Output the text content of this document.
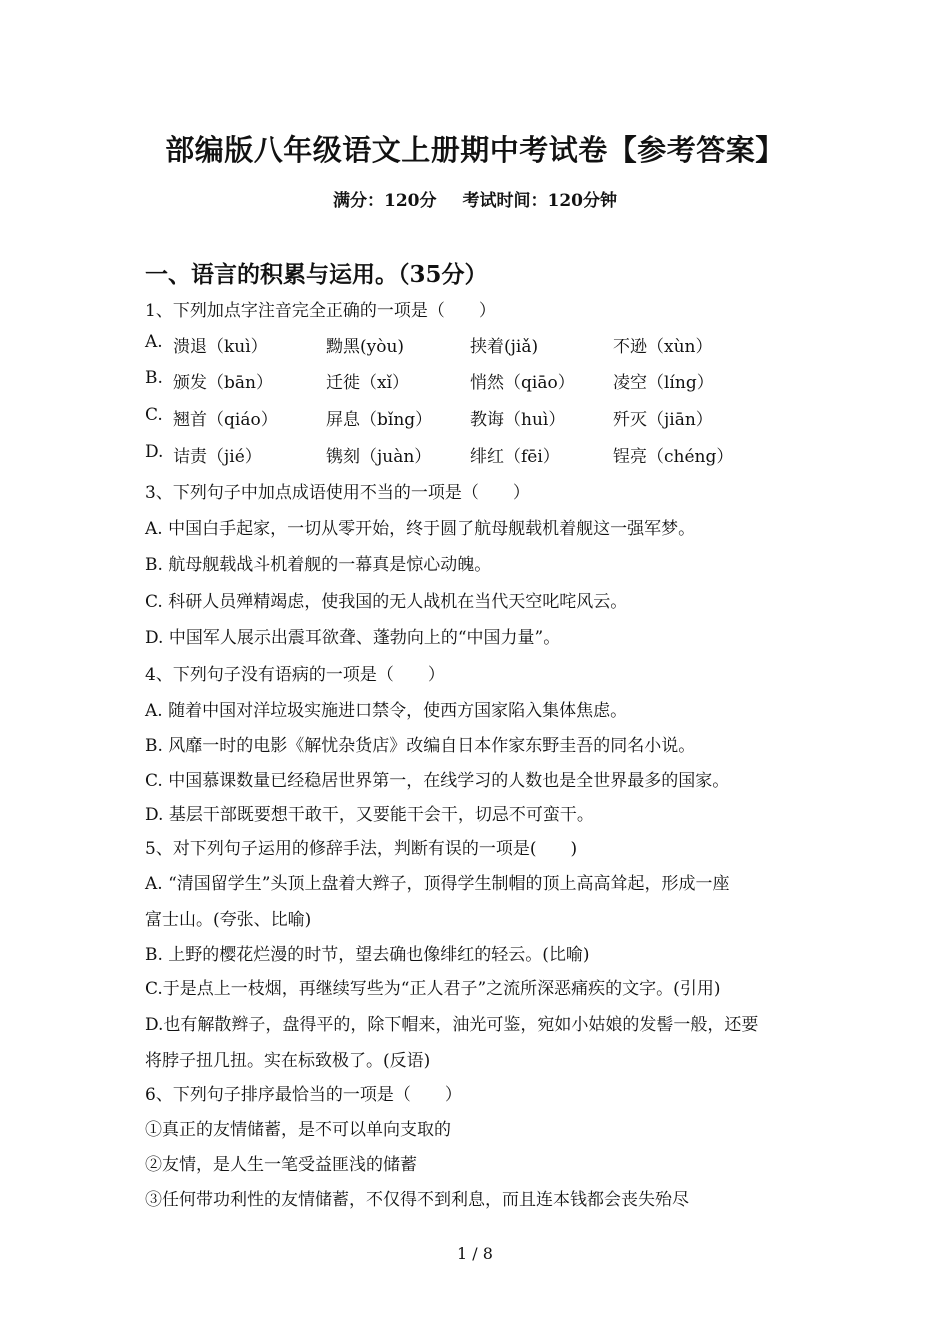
部编版八年级语文上册期中考试卷【参考答案】
满分：120分 考试时间：120分钟
一、语言的积累与运用。（35分）
1、下列加点字注音完全正确的一项是（　　）
A. 溃退（kuì）	黝黑(yòu)	挟着(jiǎ)	不逊（xùn）
B. 颁发（bān）	迁徙（xǐ）	悄然（qiāo） 凌空（líng）
C. 翘首（qiáo）	屏息（bǐng） 教诲（huì）	歼灭（jiān）
D. 诘责（jié）	镌刻（juàn） 绯红（fēi）	锃亮（chéng）
3、下列句子中加点成语使用不当的一项是（　　）
A. 中国白手起家，一切从零开始，终于圆了航母舰载机着舰这一强军梦。
B. 航母舰载战斗机着舰的一幕真是惊心动魄。
C. 科研人员殚精竭虑，使我国的无人战机在当代天空叱咤风云。
D. 中国军人展示出震耳欲聋、蓬勃向上的“中国力量”。
4、下列句子没有语病的一项是（　　）
A. 随着中国对洋垃圾实施进口禁令，使西方国家陷入集体焦虑。
B. 风靡一时的电影《解忧杂货店》改编自日本作家东野圭吾的同名小说。
C. 中国慕课数量已经稳居世界第一，在线学习的人数也是全世界最多的国家。
D. 基层干部既要想干敢干，又要能干会干，切忌不可蛮干。
5、对下列句子运用的修辞手法，判断有误的一项是(　　)
A. “清国留学生”头顶上盘着大辫子，顶得学生制帽的顶上高高耸起，形成一座
富士山。(夸张、比喻)
B. 上野的樱花烂漫的时节，望去确也像绯红的轻云。(比喻)
C.于是点上一枝烟，再继续写些为“正人君子”之流所深恶痛疾的文字。(引用)
D.也有解散辫子，盘得平的，除下帽来，油光可鉴，宛如小姑娘的发髻一般，还要
将脖子扭几扭。实在标致极了。(反语)
6、下列句子排序最恰当的一项是（　　）
①真正的友情储蓄，是不可以单向支取的
②友情，是人生一笔受益匪浅的储蓄
③任何带功利性的友情储蓄，不仅得不到利息，而且连本钱都会丧失殆尽
1 / 8
